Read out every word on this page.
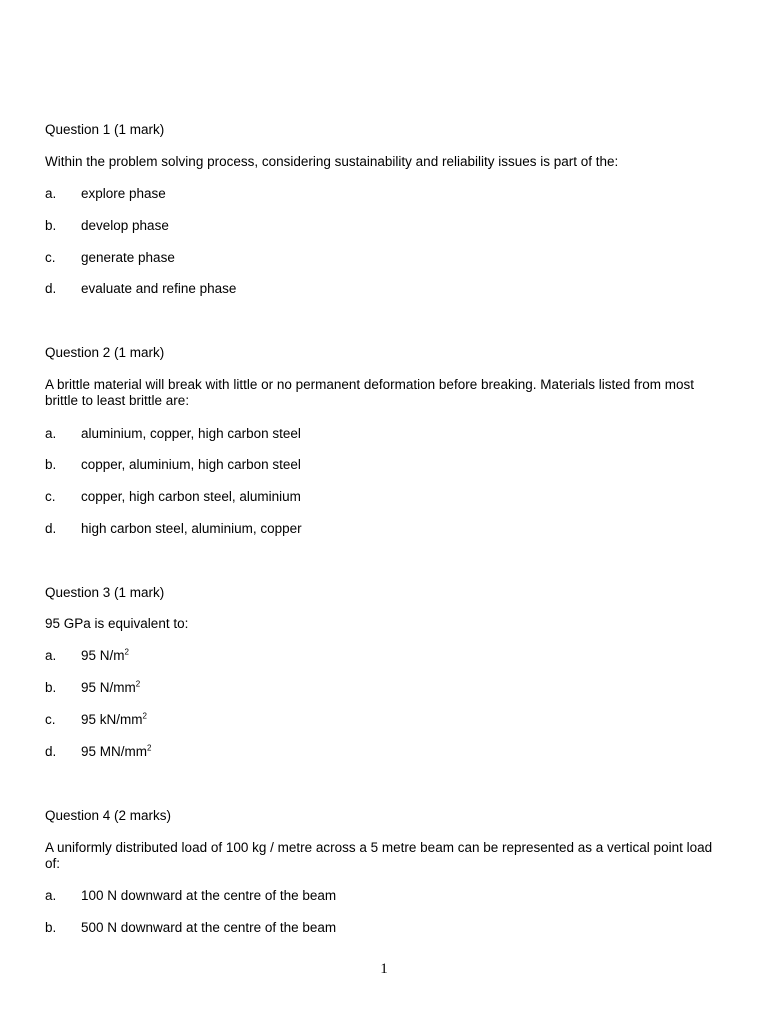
Question 1 (1 mark)
Within the problem solving process, considering sustainability and reliability issues is part of the:
a. explore phase
b. develop phase
c. generate phase
d. evaluate and refine phase
Question 2 (1 mark)
A brittle material will break with little or no permanent deformation before breaking. Materials listed from most brittle to least brittle are:
a. aluminium, copper, high carbon steel
b. copper, aluminium, high carbon steel
c. copper, high carbon steel, aluminium
d. high carbon steel, aluminium, copper
Question 3 (1 mark)
95 GPa is equivalent to:
a. 95 $N/m^2$
b. 95 $N/mm^2$
c. 95 $kN/mm^2$
d. 95 $MN/mm^2$
Question 4 (2 marks)
A uniformly distributed load of 100 kg / metre across a 5 metre beam can be represented as a vertical point load of:
a. 100 N downward at the centre of the beam
b. 500 N downward at the centre of the beam
1
